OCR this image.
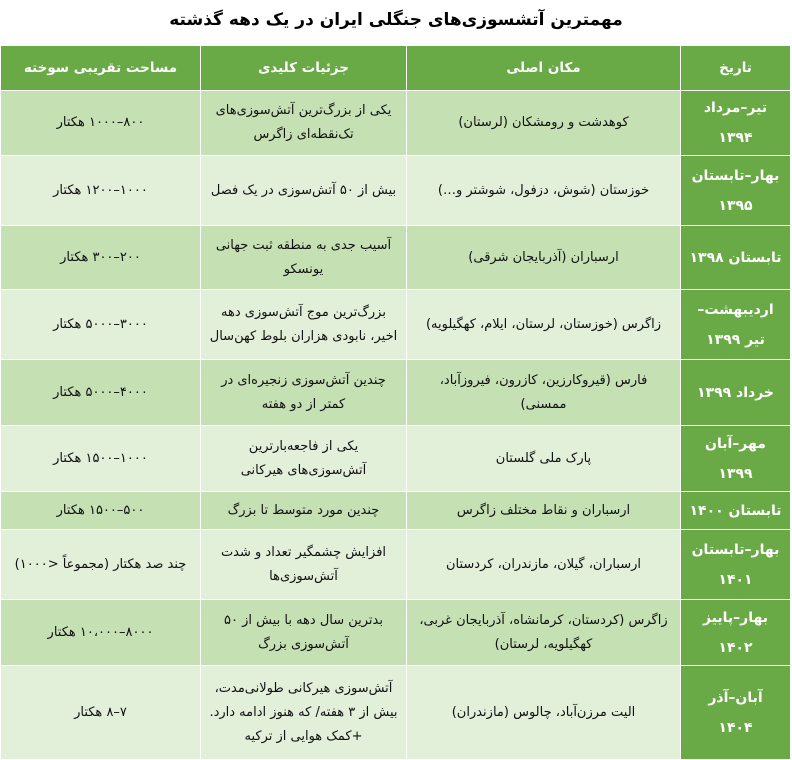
مهمترین آتشسوزی‌های جنگلی ایران در یک دهه گذشته
تاریخ	مکان اصلی	جزئیات کلیدی	مساحت تقریبی سوخته
تیر–مرداد ۱۳۹۴	کوهدشت و رومشکان (لرستان)	یکی از بزرگ‌ترین آتش‌سوزی‌های تک‌نقطه‌ای زاگرس	۸۰۰–۱۰۰۰ هکتار
بهار–تابستان ۱۳۹۵	خوزستان (شوش، دزفول، شوشتر و…)	بیش از ۵۰ آتش‌سوزی در یک فصل	۱۰۰۰–۱۲۰۰ هکتار
تابستان ۱۳۹۸	ارسباران (آذربایجان شرقی)	آسیب جدی به منطقه ثبت جهانی یونسکو	۲۰۰–۳۰۰ هکتار
اردیبهشت–تیر ۱۳۹۹	زاگرس (خوزستان، لرستان، ایلام، کهگیلویه)	بزرگ‌ترین موج آتش‌سوزی دهه اخیر، نابودی هزاران بلوط کهن‌سال	۳۰۰۰–۵۰۰۰ هکتار
خرداد ۱۳۹۹	فارس (قیروکارزین، کازرون، فیروزآباد، ممسنی)	چندین آتش‌سوزی زنجیره‌ای در کمتر از دو هفته	۴۰۰۰–۵۰۰۰ هکتار
مهر–آبان ۱۳۹۹	پارک ملی گلستان	یکی از فاجعه‌بارترین آتش‌سوزی‌های هیرکانی	۱۰۰۰–۱۵۰۰ هکتار
تابستان ۱۴۰۰	ارسباران و نقاط مختلف زاگرس	چندین مورد متوسط تا بزرگ	۵۰۰–۱۵۰۰ هکتار
بهار–تابستان ۱۴۰۱	ارسباران، گیلان، مازندران، کردستان	افزایش چشمگیر تعداد و شدت آتش‌سوزی‌ها	چند صد هکتار (مجموعاً <۱۰۰۰)
بهار–پاییز ۱۴۰۲	زاگرس (کردستان، کرمانشاه، آذربایجان غربی، کهگیلویه، لرستان)	بدترین سال دهه با بیش از ۵۰ آتش‌سوزی بزرگ	۸۰۰۰–۱۰،۰۰۰ هکتار
آبان–آذر ۱۴۰۴	الیت مرزن‌آباد، چالوس (مازندران)	آتش‌سوزی هیرکانی طولانی‌مدت، بیش از ۳ هفته/ که هنوز ادامه دارد. +کمک هوایی از ترکیه	۷–۸ هکتار
